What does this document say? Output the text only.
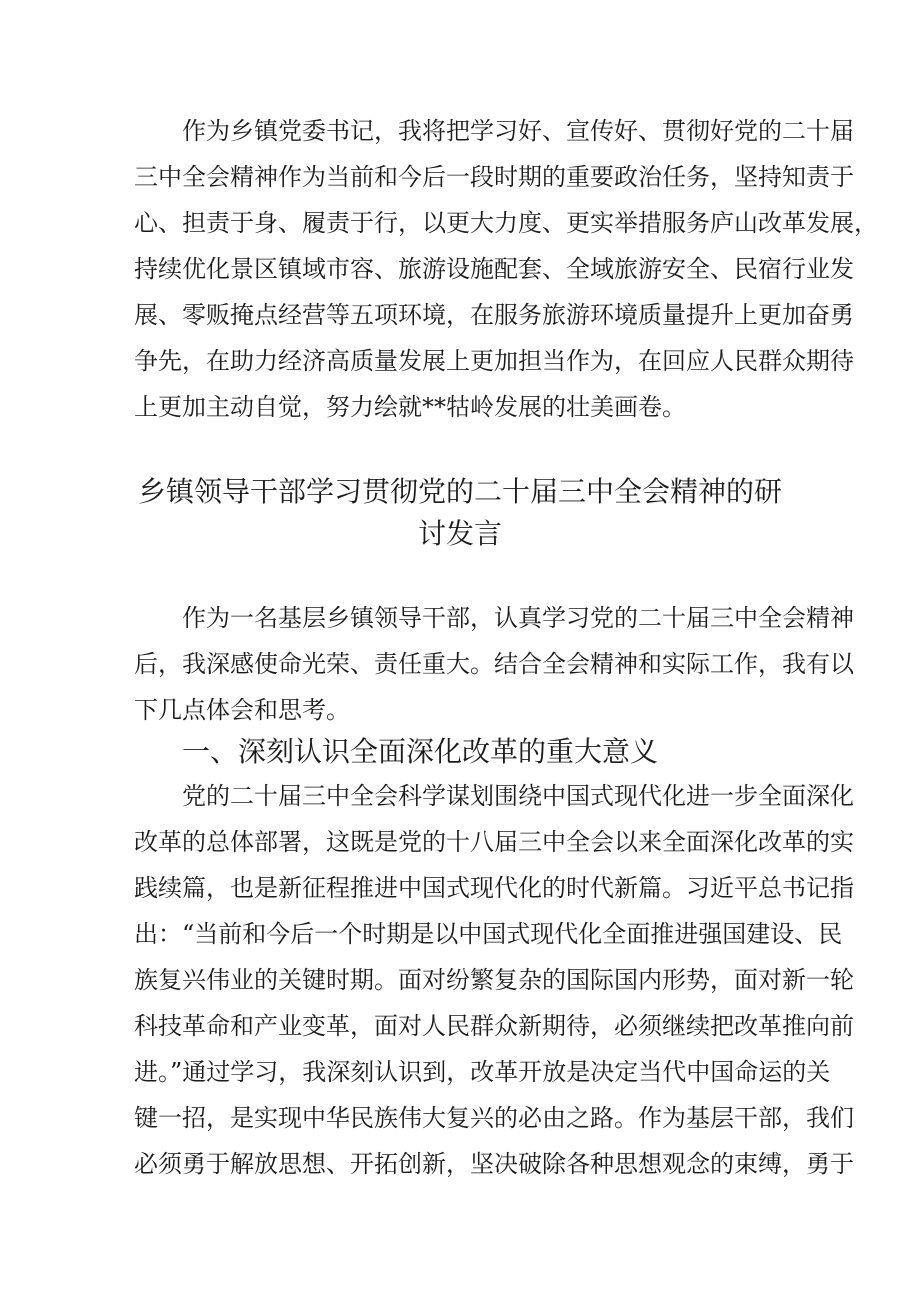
作为乡镇党委书记，我将把学习好、宣传好、贯彻好党的二十届
三中全会精神作为当前和今后一段时期的重要政治任务，坚持知责于
心、担责于身、履责于行，以更大力度、更实举措服务庐山改革发展，
持续优化景区镇域市容、旅游设施配套、全域旅游安全、民宿行业发
展、零贩掩点经营等五项环境，在服务旅游环境质量提升上更加奋勇
争先，在助力经济高质量发展上更加担当作为，在回应人民群众期待
上更加主动自觉，努力绘就**牯岭发展的壮美画卷。
乡镇领导干部学习贯彻党的二十届三中全会精神的研
讨发言
作为一名基层乡镇领导干部，认真学习党的二十届三中全会精神
后，我深感使命光荣、责任重大。结合全会精神和实际工作，我有以
下几点体会和思考。
一、深刻认识全面深化改革的重大意义
党的二十届三中全会科学谋划围绕中国式现代化进一步全面深化
改革的总体部署，这既是党的十八届三中全会以来全面深化改革的实
践续篇，也是新征程推进中国式现代化的时代新篇。习近平总书记指
出：“当前和今后一个时期是以中国式现代化全面推进强国建设、民
族复兴伟业的关键时期。面对纷繁复杂的国际国内形势，面对新一轮
科技革命和产业变革，面对人民群众新期待，必须继续把改革推向前
进。”通过学习，我深刻认识到，改革开放是决定当代中国命运的关
键一招，是实现中华民族伟大复兴的必由之路。作为基层干部，我们
必须勇于解放思想、开拓创新，坚决破除各种思想观念的束缚，勇于
